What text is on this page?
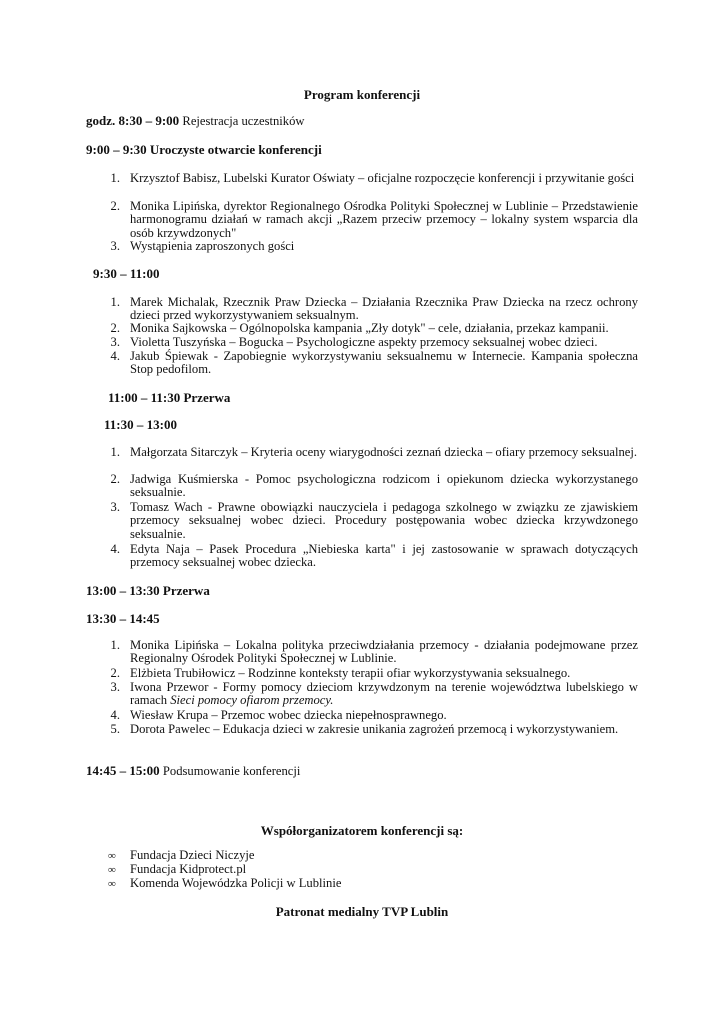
Program konferencji
godz. 8:30 – 9:00 Rejestracja uczestników
9:00 – 9:30 Uroczyste otwarcie konferencji
1. Krzysztof Babisz, Lubelski Kurator Oświaty – oficjalne rozpoczęcie konferencji i przywitanie gości
2. Monika Lipińska, dyrektor Regionalnego Ośrodka Polityki Społecznej w Lublinie – Przedstawienie harmonogramu działań w ramach akcji „Razem przeciw przemocy – lokalny system wsparcia dla osób krzywdzonych"
3. Wystąpienia zaproszonych gości
9:30 – 11:00
1. Marek Michalak, Rzecznik Praw Dziecka – Działania Rzecznika Praw Dziecka na rzecz ochrony dzieci przed wykorzystywaniem seksualnym.
2. Monika Sajkowska – Ogólnopolska kampania „Zły dotyk" – cele, działania, przekaz kampanii.
3. Violetta Tuszyńska – Bogucka – Psychologiczne aspekty przemocy seksualnej wobec dzieci.
4. Jakub Śpiewak - Zapobiegnie wykorzystywaniu seksualnemu w Internecie. Kampania społeczna Stop pedofilom.
11:00 – 11:30 Przerwa
11:30 – 13:00
1. Małgorzata Sitarczyk – Kryteria oceny wiarygodności zeznań dziecka – ofiary przemocy seksualnej.
2. Jadwiga Kuśmierska - Pomoc psychologiczna rodzicom i opiekunom dziecka wykorzystanego seksualnie.
3. Tomasz Wach - Prawne obowiązki nauczyciela i pedagoga szkolnego w związku ze zjawiskiem przemocy seksualnej wobec dzieci. Procedury postępowania wobec dziecka krzywdzonego seksualnie.
4. Edyta Naja – Pasek Procedura „Niebieska karta" i jej zastosowanie w sprawach dotyczących przemocy seksualnej wobec dziecka.
13:00 – 13:30 Przerwa
13:30 – 14:45
1. Monika Lipińska – Lokalna polityka przeciwdziałania przemocy - działania podejmowane przez Regionalny Ośrodek Polityki Społecznej w Lublinie.
2. Elżbieta Trubiłowicz – Rodzinne konteksty terapii ofiar wykorzystywania seksualnego.
3. Iwona Przewor - Formy pomocy dzieciom krzywdzonym na terenie województwa lubelskiego w ramach Sieci pomocy ofiarom przemocy.
4. Wiesław Krupa – Przemoc wobec dziecka niepełnosprawnego.
5. Dorota Pawelec – Edukacja dzieci w zakresie unikania zagrożeń przemocą i wykorzystywaniem.
14:45 – 15:00 Podsumowanie konferencji
Współorganizatorem konferencji są:
∞ Fundacja Dzieci Niczyje
∞ Fundacja Kidprotect.pl
∞ Komenda Wojewódzka Policji w Lublinie
Patronat medialny TVP Lublin
